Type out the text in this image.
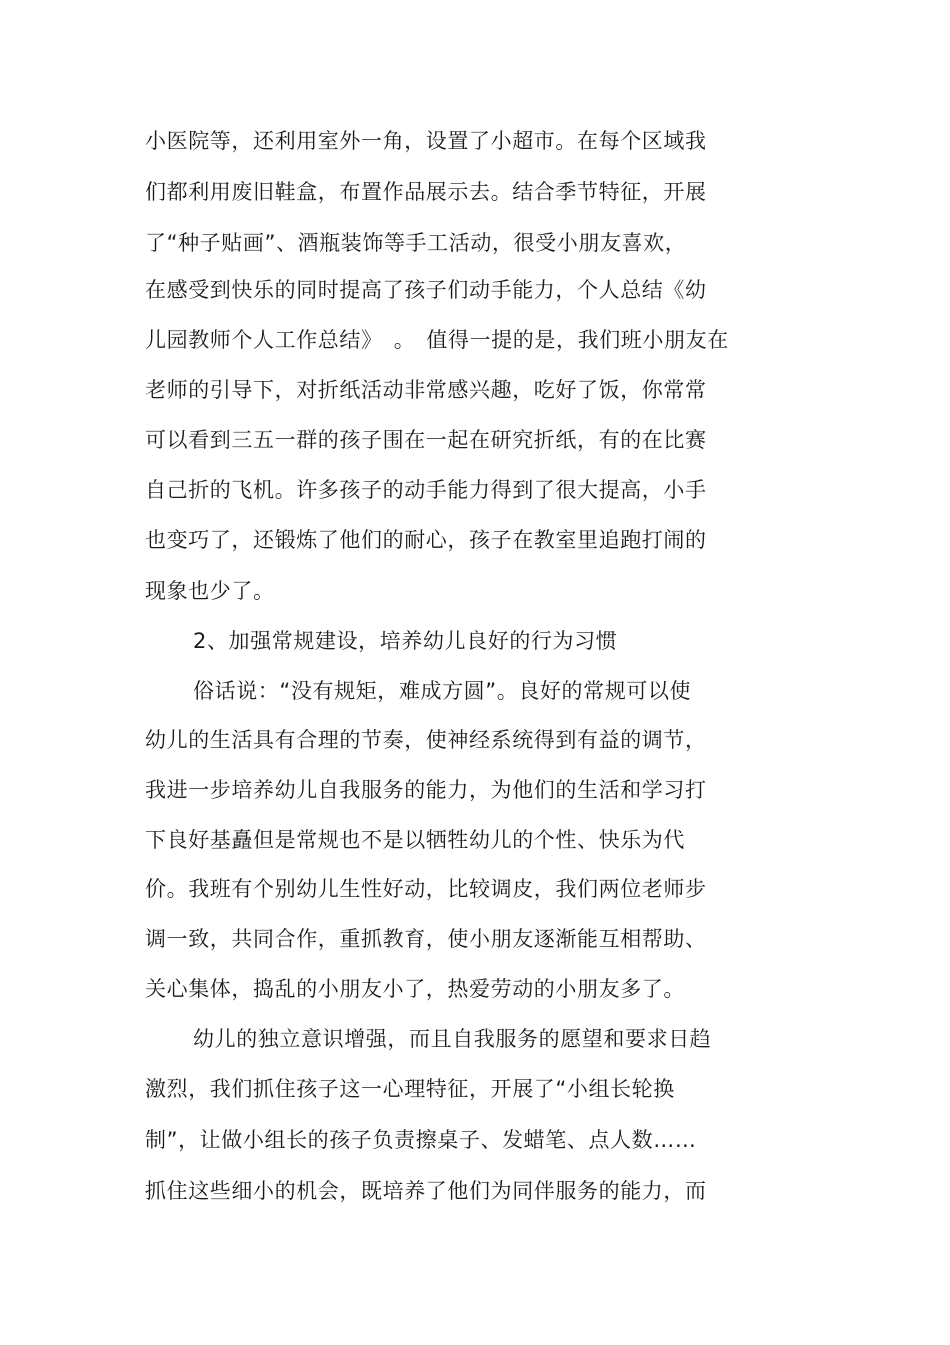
小医院等，还利用室外一角，设置了小超市。在每个区域我
们都利用废旧鞋盒，布置作品展示去。结合季节特征，开展
了“种子贴画”、酒瓶装饰等手工活动，很受小朋友喜欢，
在感受到快乐的同时提高了孩子们动手能力，个人总结《幼
儿园教师个人工作总结》　。　值得一提的是，我们班小朋友在
老师的引导下，对折纸活动非常感兴趣，吃好了饭，你常常
可以看到三五一群的孩子围在一起在研究折纸，有的在比赛
自己折的飞机。许多孩子的动手能力得到了很大提高，小手
也变巧了，还锻炼了他们的耐心，孩子在教室里追跑打闹的
现象也少了。
2、加强常规建设，培养幼儿良好的行为习惯
俗话说：“没有规矩，难成方圆”。良好的常规可以使
幼儿的生活具有合理的节奏，使神经系统得到有益的调节，
我进一步培养幼儿自我服务的能力，为他们的生活和学习打
下良好基矗但是常规也不是以牺牲幼儿的个性、快乐为代
价。我班有个别幼儿生性好动，比较调皮，我们两位老师步
调一致，共同合作，重抓教育，使小朋友逐渐能互相帮助、
关心集体，捣乱的小朋友小了，热爱劳动的小朋友多了。
幼儿的独立意识增强，而且自我服务的愿望和要求日趋
激烈，我们抓住孩子这一心理特征，开展了“小组长轮换
制”，让做小组长的孩子负责擦桌子、发蜡笔、点人数……
抓住这些细小的机会，既培养了他们为同伴服务的能力，而
